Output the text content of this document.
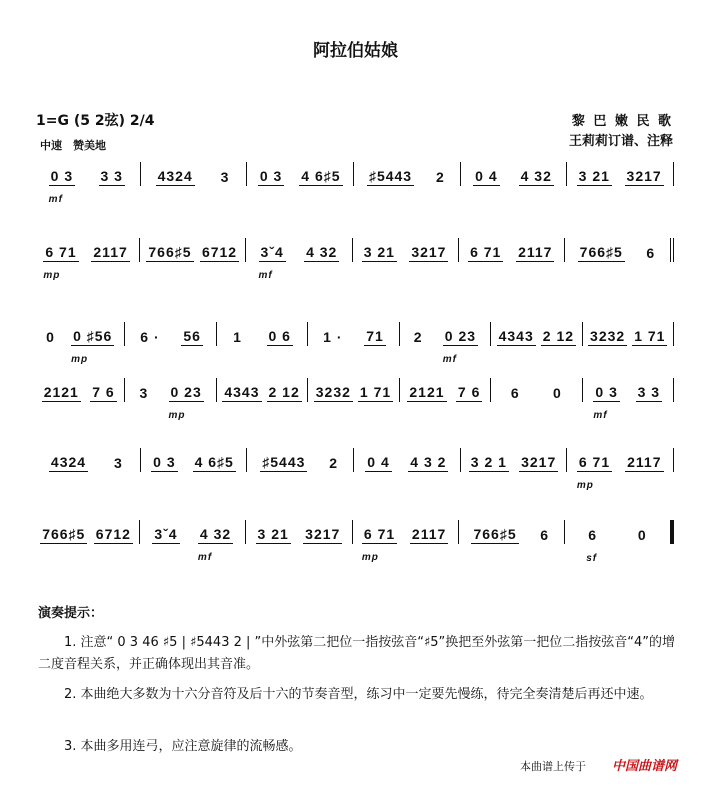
阿拉伯姑娘
1=G (5 2弦) 2/4
中速　赞美地
黎 巴 嫩 民 歌
王莉莉订谱、注释
0 3
mf
3 3 4324 3 0 3 4 6♯5 ♯5443 2 0 4 4 32 3 21 3217
6 71
mp
2117 766♯5 6712 3ˇ4
mf
4 32 3 21 3217 6 71 2117 766♯5 6
0 0 ♯56
mp
6 · 56 1 0 6 1 · 71 2 0 23
mf
4343 2 12 3232 1 71
2121 7 6 3 0 23
mp
4343 2 12 3232 1 71 2121 7 6 6 0 0 3
mf
3 3
4324 3 0 3 4 6♯5 ♯5443 2 0 4 4 3 2 3 2 1 3217 6 71
mp
2117
766♯5 6712 3ˇ4 4 32
mf
3 21 3217 6 71
mp
2117 766♯5 6	6
sf
0
演奏提示：
1. 注意“ 0 3 46 ♯5 | ♯5443 2 | ”中外弦第二把位一指按弦音“♯5”换把至外弦第一把位二指按弦音“4”的增二度音程关系，并正确体现出其音准。
2. 本曲绝大多数为十六分音符及后十六的节奏音型，练习中一定要先慢练，待完全奏清楚后再还中速。
3. 本曲多用连弓，应注意旋律的流畅感。
本曲谱上传于 中国曲谱网
